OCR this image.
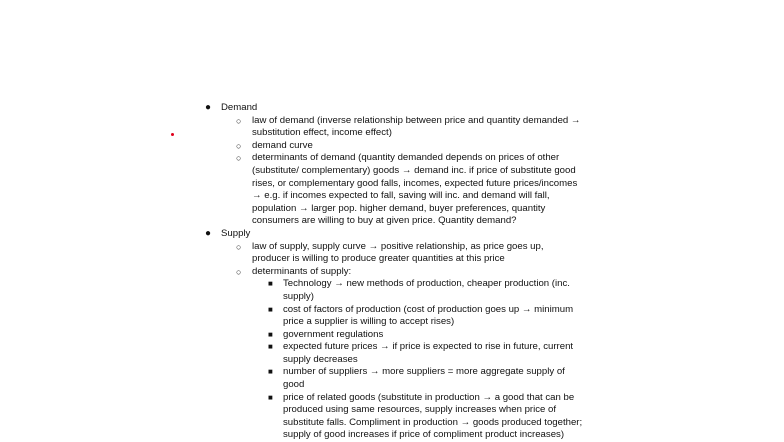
● Demand
○ law of demand (inverse relationship between price and quantity demanded → substitution effect, income effect)
○ demand curve
○ determinants of demand (quantity demanded depends on prices of other (substitute/ complementary) goods → demand inc. if price of substitute good rises, or complementary good falls, incomes, expected future prices/incomes → e.g. if incomes expected to fall, saving will inc. and demand will fall, population → larger pop. higher demand, buyer preferences, quantity consumers are willing to buy at given price. Quantity demand?
● Supply
○ law of supply, supply curve → positive relationship, as price goes up, producer is willing to produce greater quantities at this price
○ determinants of supply:
■ Technology → new methods of production, cheaper production (inc. supply)
■ cost of factors of production (cost of production goes up → minimum price a supplier is willing to accept rises)
■ government regulations
■ expected future prices → if price is expected to rise in future, current supply decreases
■ number of suppliers → more suppliers = more aggregate supply of good
■ price of related goods (substitute in production → a good that can be produced using same resources, supply increases when price of substitute falls. Compliment in production → goods produced together; supply of good increases if price of compliment product increases)
